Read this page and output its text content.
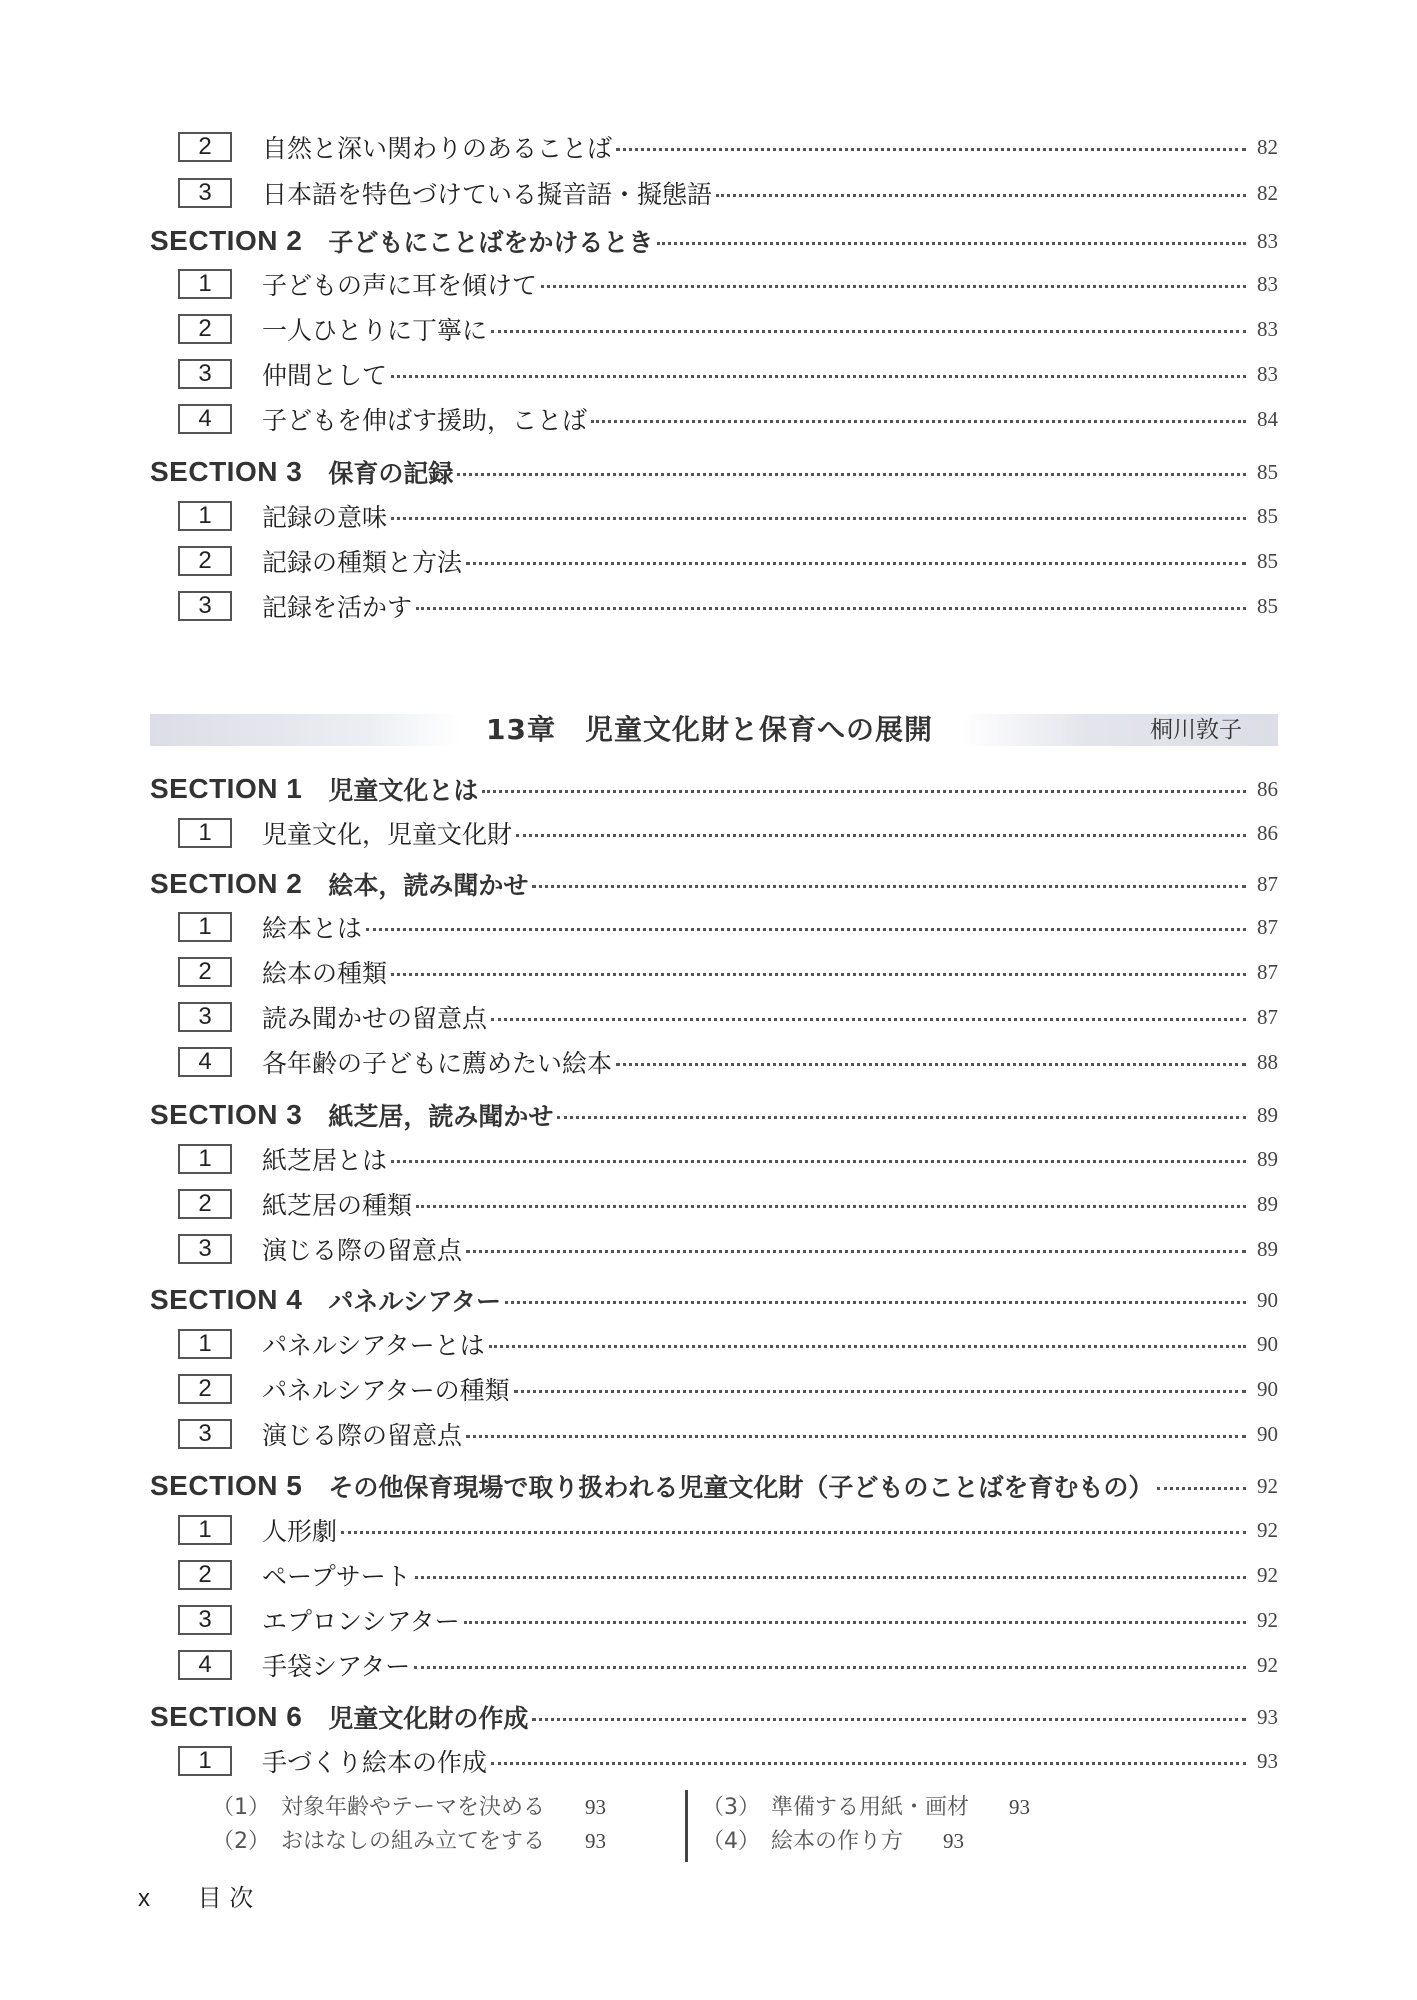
2	自然と深い関わりのあることば	82
3	日本語を特色づけている擬音語・擬態語	82
SECTION 2 子どもにことばをかけるとき	83
1	子どもの声に耳を傾けて	83
2	一人ひとりに丁寧に	83
3	仲間として	83
4	子どもを伸ばす援助，ことば	84
SECTION 3 保育の記録	85
1	記録の意味	85
2	記録の種類と方法	85
3	記録を活かす	85
13章　児童文化財と保育への展開	桐川敦子
SECTION 1 児童文化とは	86
1	児童文化，児童文化財	86
SECTION 2 絵本，読み聞かせ	87
1	絵本とは	87
2	絵本の種類	87
3	読み聞かせの留意点	87
4	各年齢の子どもに薦めたい絵本	88
SECTION 3 紙芝居，読み聞かせ	89
1	紙芝居とは	89
2	紙芝居の種類	89
3	演じる際の留意点	89
SECTION 4 パネルシアター	90
1	パネルシアターとは	90
2	パネルシアターの種類	90
3	演じる際の留意点	90
SECTION 5 その他保育現場で取り扱われる児童文化財（子どものことばを育むもの）	92
1	人形劇	92
2	ペープサート	92
3	エプロンシアター	92
4	手袋シアター	92
SECTION 6 児童文化財の作成	93
1	手づくり絵本の作成	93
（1）　対象年齢やテーマを決める 93
（2）　おはなしの組み立てをする 93
（3）　準備する用紙・画材 93
（4）　絵本の作り方 93
x 目 次
